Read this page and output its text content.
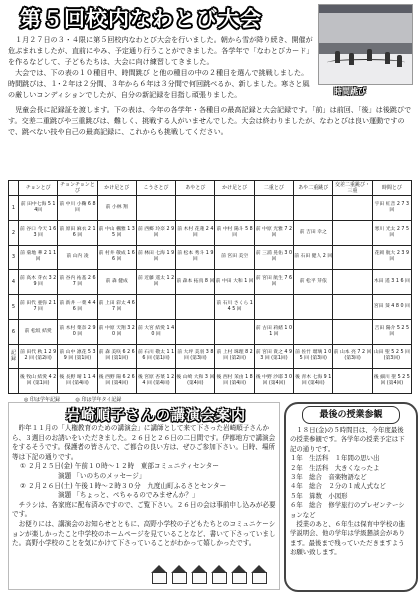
第５回校内なわとび大会
時間跳び

１月２７日の３・４限に第５回校内なわとび大会を行いました。朝から雪が降り続き、開催が危ぶまれましたが、直前にやみ、予定通り行うことができました。各学年で「なわとびカード」を作るなどして、子どもたちは、大会に向け練習してきました。

大会では、下の表の１０種目中、時間跳び と他の種目の中の２種目を選んで挑戦しました。時間跳びは、１･２年は２分間、３年から６年は３分間で何回跳べるか、新しました。寒さと風の厳しいコンディションでしたが、自分の新記録を目指し頑張りました。

児童会長に記録証を渡します。下の表は、今年の各学年・各種目の最高記録と大会記録です。「前」は前回、「後」は後跳びです。交差二重跳びや三重跳びは、難しく、挑戦する人がいませんでした。大会は終わりましたが、なわとびは良い運動ですので、跳べない技や自己の最高記録に、これからも挑戦してください。

	チョンとび	チョンチョンとび	かけ足とび	こうさとび	あやとび	かけ足とび	二重とび	あや二重跳び	交差二重跳び・三重	時間とび
1	前 田中七海 5 1 4回	前 中川 小鞠 6 8 回	前 小林 翔							宇田 紅音 2 7 3 回
2	前 谷口 今天 1 6 3 回	前 原田 麻衣 2 1 6 回	前 中山 楓雅 1 3 5 回	前 西郷 玲奈 2 9 回	前 木村 花蓮 2 4 回	前 中村 陽斗 5 8 回	前 中原 光雅 7 2 回	前 吉田 幸之		寒川 光太 2 7 5 回
3	前 菊地 華 2 1 1 回	前 山内 凌	前 村井 敬成 1 6 6 回	前 林田 七海 1 9 回	前 松本 秀斗 1 9 回	前 宮田 美空	前 三浦 晃佑 3 0 回	前 石田 健人 2 回		花岡 航大 2 3 9 回
4	前 高木 芽衣 3 2 9 回	前 谷内 祐基 2 6 7 回	前 森 健成	前 近藤 遥太 1 2 回	前 森本 拓真 8 回	前 中田 大和 1 回	前 宮田 航生 7 6 回	前 松平 芽依		木田 遥 3 1 6 回
5	前 田代 亜弥 2 1 7 回	前 新井 一菜 4 4 6 回	前 上田 彩太 4 6 7 回			前 石川 さくら 1 4 5 回				宮田 葵 4 8 0 回
6	前 松坂 結愛	前 木村 菜奈 2 9 0 回	前 中原 天翔 3 2 0 回	前 大宮 結愛 1 4 0 回			前 古田 莉緒 1 0 1 回			吉田 陽介 5 2 5 回
記録	前 田代 秋 1 2 9 2 回 (第2回)	前 山中 凛花 5 3 9 回 (第1回)	前 森 美咲 6 2 6 回 (第1回)	前 石川 敬太 1 1 6 回 (第1回)	前 大坪 美羽 3 8 回 (第3回)	前 上村 珠理 8 2 回 (第2回)	前 宮田 貴之 4 9 3 回 (第1回)	前 佐竹 瑠璃 1 0 5 回 (第3回)	前 山本 亮 7 2 回 (第3回)	山田 聖 5 2 5 回 (第3回)
	後 牧山 結愛 4 2 回 (第1回)	後 長野 晴 1 1 4 回 (第4回)	後 西野 陽 6 2 6 回 (第4回)	後 宮原 杏菜 1 2 4 回 (第4回)	後 山崎 大和 3 回 (第4回)	後 西村 茉由 1 8 回 (第4回)	後 中野 沙耶 3 0 回 (第4回)	後 青木 七海 9 1 回 (第4回)		後 細川 聖 5 2 5 回 (第4回)
◎ 印は学年記録	◎ 印は学年タイ記録
岩崎順子さんの講演会案内

昨年１１月の「人権教育のための講演会」に講師として来て下さった岩崎順子さんから、３週目のお誘いをいただきました。２６日と２６日の二日間です。伊都地方で講演会をするそうです。保護者の皆さんで、ご都合の良い方は、ぜひご参加下さい。日時、場所等は下記の通りです。

① ２月２５日(金) 午前１０時～１２時　東部コミュニティセンター

演題 「いのちのメッセージ」

② ２月２６日(土) 午後１時～２時３０分　九度山町ふるさとセンター

演題 「ちょっと、ぺちゃるのでみませんか？」

チラシは、各家庭に配布済みですので、ご覧下さい。２６日の会は事前申し込みが必要です。

お便りには、講演会のお知らせとともに、高野小学校の子どもたちとのコミュニケーションが楽しかったこと中学校のホームページを見ていることなど、書いて下さっていました。高野小学校のことを気にかけて下さっていることがわかって嬉しかったです。

最後の授業参観

１８日(金)の５時間目は、今年度最後の授業参観です。各学年の授業予定は下記の通りです。

１年　生活科　１年間の思い出

２年　生活科　大きくなったよ

３年　総合　音楽物語など

４年　総合　２分の１成人式など

５年　算数　小図形

６年　総合　修学旅行のプレゼンテーションなど

授業のあと、６年生は保育中学校の進学説明会、他の学年は学級懇談会があります。最後まで残っていただきますようお願い致します。
